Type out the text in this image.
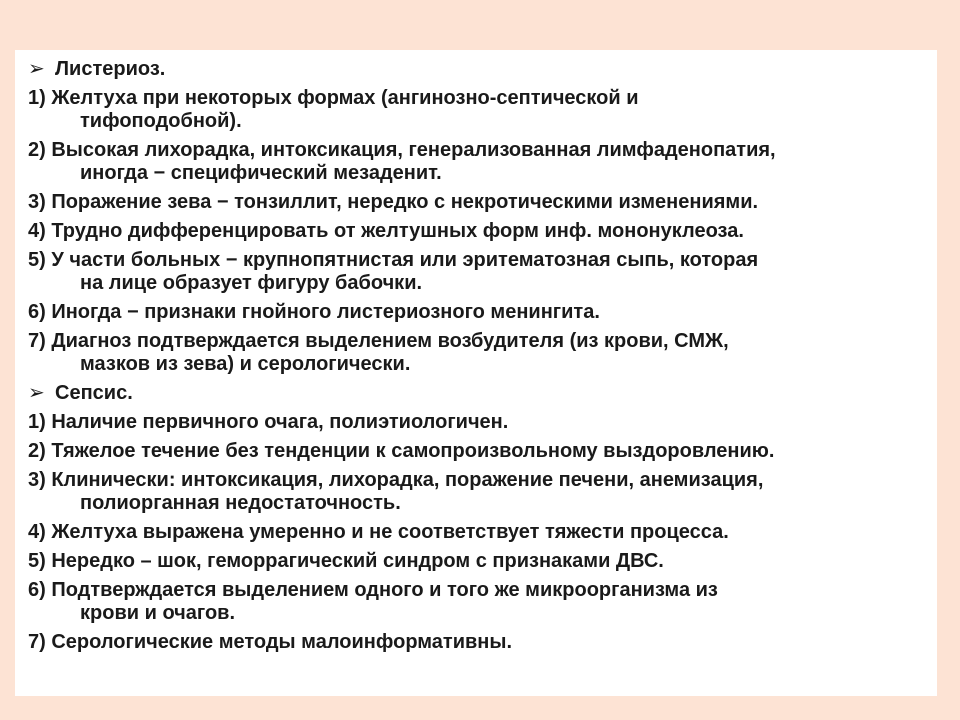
➢ Листериоз.
1) Желтуха при некоторых формах (ангинозно-септической и
тифоподобной).
2) Высокая лихорадка, интоксикация, генерализованная лимфаденопатия,
иногда − специфический мезаденит.
3) Поражение зева − тонзиллит, нередко с некротическими изменениями.
4) Трудно дифференцировать от желтушных форм инф. мононуклеоза.
5) У части больных − крупнопятнистая или эритематозная сыпь, которая
на лице образует фигуру бабочки.
6) Иногда − признаки гнойного листериозного менингита.
7) Диагноз подтверждается выделением возбудителя (из крови, СМЖ,
мазков из зева) и серологически.
➢ Сепсис.
1) Наличие первичного очага, полиэтиологичен.
2) Тяжелое течение без тенденции к самопроизвольному выздоровлению.
3) Клинически: интоксикация, лихорадка, поражение печени, анемизация,
полиорганная недостаточность.
4) Желтуха выражена умеренно и не соответствует тяжести процесса.
5) Нередко – шок, геморрагический синдром с признаками ДВС.
6) Подтверждается выделением одного и того же микроорганизма из
крови и очагов.
7) Серологические методы малоинформативны.
